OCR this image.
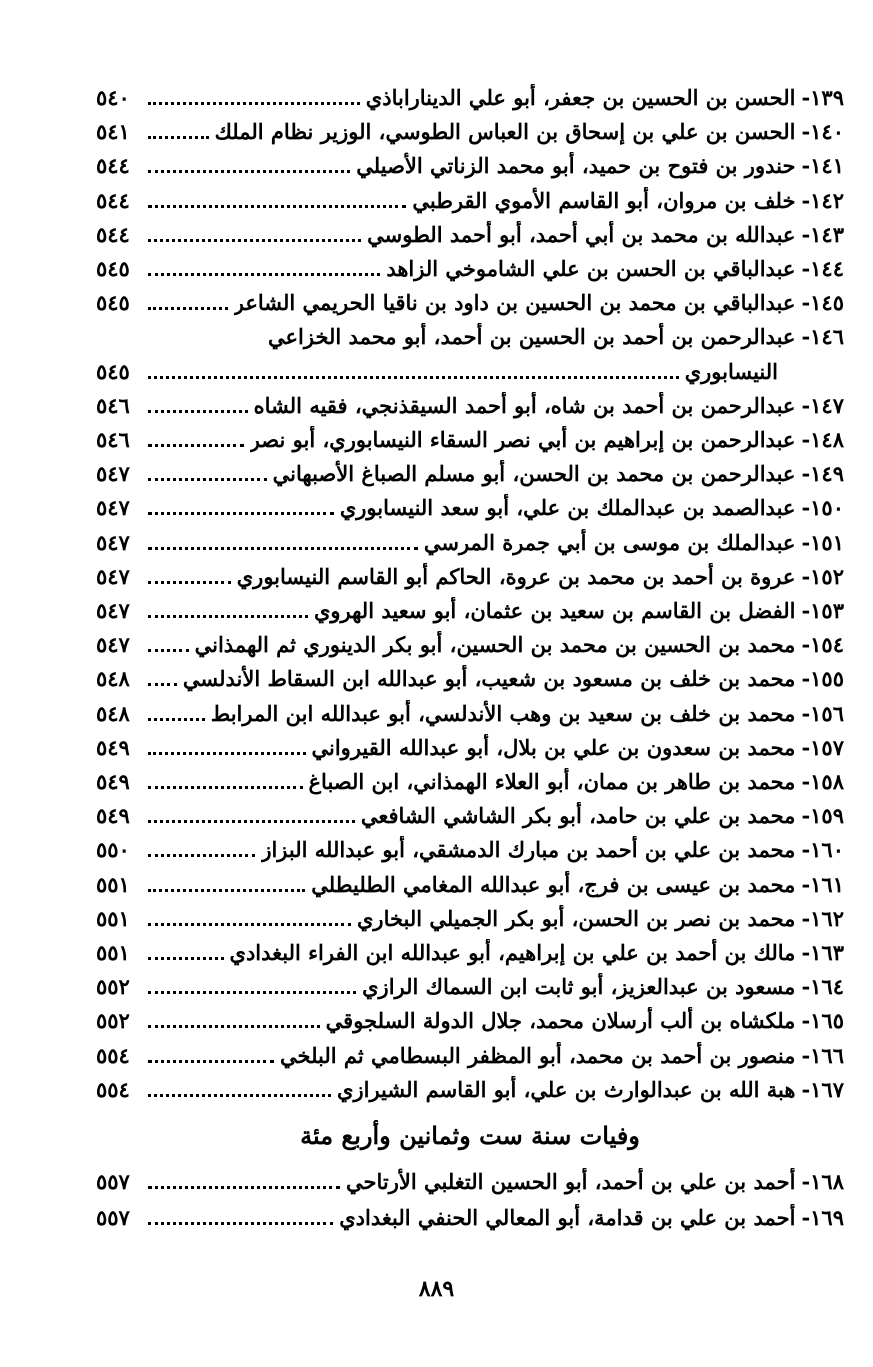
١٣٩-
الحسن بن الحسين بن جعفر، أبو علي الديناراباذي
٥٤٠
١٤٠-
الحسن بن علي بن إسحاق بن العباس الطوسي، الوزير نظام الملك
٥٤١
١٤١-
حندور بن فتوح بن حميد، أبو محمد الزناتي الأصيلي
٥٤٤
١٤٢-
خلف بن مروان، أبو القاسم الأموي القرطبي
٥٤٤
١٤٣-
عبدالله بن محمد بن أبي أحمد، أبو أحمد الطوسي
٥٤٤
١٤٤-
عبدالباقي بن الحسن بن علي الشاموخي الزاهد
٥٤٥
١٤٥-
عبدالباقي بن محمد بن الحسين بن داود بن ناقيا الحريمي الشاعر
٥٤٥
١٤٦-
عبدالرحمن بن أحمد بن الحسين بن أحمد، أبو محمد الخزاعي
النيسابوري
٥٤٥
١٤٧-
عبدالرحمن بن أحمد بن شاه، أبو أحمد السيقذنجي، فقيه الشاه
٥٤٦
١٤٨-
عبدالرحمن بن إبراهيم بن أبي نصر السقاء النيسابوري، أبو نصر
٥٤٦
١٤٩-
عبدالرحمن بن محمد بن الحسن، أبو مسلم الصباغ الأصبهاني
٥٤٧
١٥٠-
عبدالصمد بن عبدالملك بن علي، أبو سعد النيسابوري
٥٤٧
١٥١-
عبدالملك بن موسى بن أبي جمرة المرسي
٥٤٧
١٥٢-
عروة بن أحمد بن محمد بن عروة، الحاكم أبو القاسم النيسابوري
٥٤٧
١٥٣-
الفضل بن القاسم بن سعيد بن عثمان، أبو سعيد الهروي
٥٤٧
١٥٤-
محمد بن الحسين بن محمد بن الحسين، أبو بكر الدينوري ثم الهمذاني
٥٤٧
١٥٥-
محمد بن خلف بن مسعود بن شعيب، أبو عبدالله ابن السقاط الأندلسي
٥٤٨
١٥٦-
محمد بن خلف بن سعيد بن وهب الأندلسي، أبو عبدالله ابن المرابط
٥٤٨
١٥٧-
محمد بن سعدون بن علي بن بلال، أبو عبدالله القيرواني
٥٤٩
١٥٨-
محمد بن طاهر بن ممان، أبو العلاء الهمذاني، ابن الصباغ
٥٤٩
١٥٩-
محمد بن علي بن حامد، أبو بكر الشاشي الشافعي
٥٤٩
١٦٠-
محمد بن علي بن أحمد بن مبارك الدمشقي، أبو عبدالله البزاز
٥٥٠
١٦١-
محمد بن عيسى بن فرج، أبو عبدالله المغامي الطليطلي
٥٥١
١٦٢-
محمد بن نصر بن الحسن، أبو بكر الجميلي البخاري
٥٥١
١٦٣-
مالك بن أحمد بن علي بن إبراهيم، أبو عبدالله ابن الفراء البغدادي
٥٥١
١٦٤-
مسعود بن عبدالعزيز، أبو ثابت ابن السماك الرازي
٥٥٢
١٦٥-
ملكشاه بن ألب أرسلان محمد، جلال الدولة السلجوقي
٥٥٢
١٦٦-
منصور بن أحمد بن محمد، أبو المظفر البسطامي ثم البلخي
٥٥٤
١٦٧-
هبة الله بن عبدالوارث بن علي، أبو القاسم الشيرازي
٥٥٤
وفيات سنة ست وثمانين وأربع مئة
١٦٨-
أحمد بن علي بن أحمد، أبو الحسين التغلبي الأرتاحي
٥٥٧
١٦٩-
أحمد بن علي بن قدامة، أبو المعالي الحنفي البغدادي
٥٥٧
٨٨٩
